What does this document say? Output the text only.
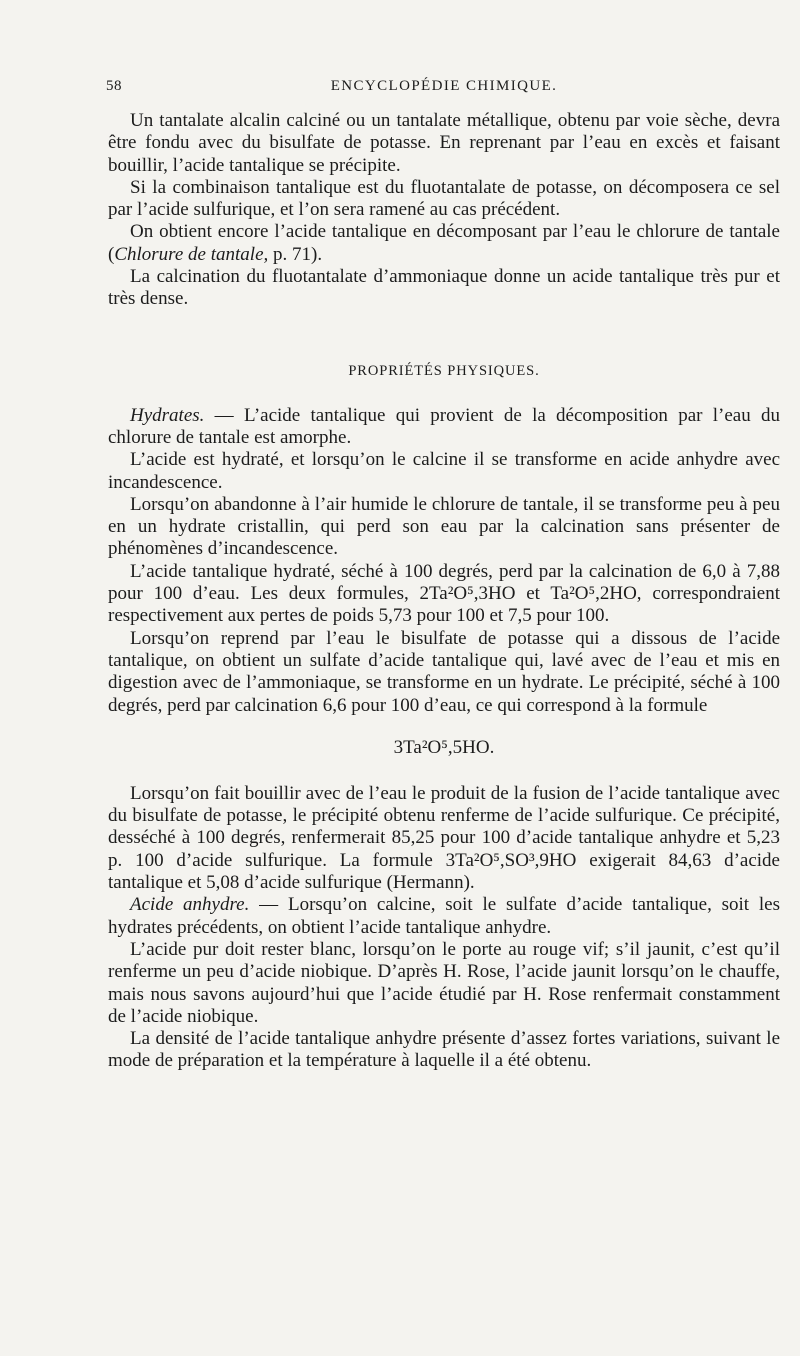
58	ENCYCLOPÉDIE CHIMIQUE.

Un tantalate alcalin calciné ou un tantalate métallique, obtenu par voie sèche, devra être fondu avec du bisulfate de potasse. En reprenant par l’eau en excès et faisant bouillir, l’acide tantalique se précipite.

Si la combinaison tantalique est du fluotantalate de potasse, on décomposera ce sel par l’acide sulfurique, et l’on sera ramené au cas précédent.

On obtient encore l’acide tantalique en décomposant par l’eau le chlorure de tantale (Chlorure de tantale, p. 71).

La calcination du fluotantalate d’ammoniaque donne un acide tantalique très pur et très dense.

PROPRIÉTÉS PHYSIQUES.

Hydrates. — L’acide tantalique qui provient de la décomposition par l’eau du chlorure de tantale est amorphe.

L’acide est hydraté, et lorsqu’on le calcine il se transforme en acide anhydre avec incandescence.

Lorsqu’on abandonne à l’air humide le chlorure de tantale, il se transforme peu à peu en un hydrate cristallin, qui perd son eau par la calcination sans présenter de phénomènes d’incandescence.

L’acide tantalique hydraté, séché à 100 degrés, perd par la calcination de 6,0 à 7,88 pour 100 d’eau. Les deux formules, 2Ta²O⁵,3HO et Ta²O⁵,2HO, correspondraient respectivement aux pertes de poids 5,73 pour 100 et 7,5 pour 100.

Lorsqu’on reprend par l’eau le bisulfate de potasse qui a dissous de l’acide tantalique, on obtient un sulfate d’acide tantalique qui, lavé avec de l’eau et mis en digestion avec de l’ammoniaque, se transforme en un hydrate. Le précipité, séché à 100 degrés, perd par calcination 6,6 pour 100 d’eau, ce qui correspond à la formule

3Ta²O⁵,5HO.

Lorsqu’on fait bouillir avec de l’eau le produit de la fusion de l’acide tantalique avec du bisulfate de potasse, le précipité obtenu renferme de l’acide sulfurique. Ce précipité, desséché à 100 degrés, renfermerait 85,25 pour 100 d’acide tantalique anhydre et 5,23 p. 100 d’acide sulfurique. La formule 3Ta²O⁵,SO³,9HO exigerait 84,63 d’acide tantalique et 5,08 d’acide sulfurique (Hermann).

Acide anhydre. — Lorsqu’on calcine, soit le sulfate d’acide tantalique, soit les hydrates précédents, on obtient l’acide tantalique anhydre.

L’acide pur doit rester blanc, lorsqu’on le porte au rouge vif; s’il jaunit, c’est qu’il renferme un peu d’acide niobique. D’après H. Rose, l’acide jaunit lorsqu’on le chauffe, mais nous savons aujourd’hui que l’acide étudié par H. Rose renfermait constamment de l’acide niobique.

La densité de l’acide tantalique anhydre présente d’assez fortes variations, suivant le mode de préparation et la température à laquelle il a été obtenu.
